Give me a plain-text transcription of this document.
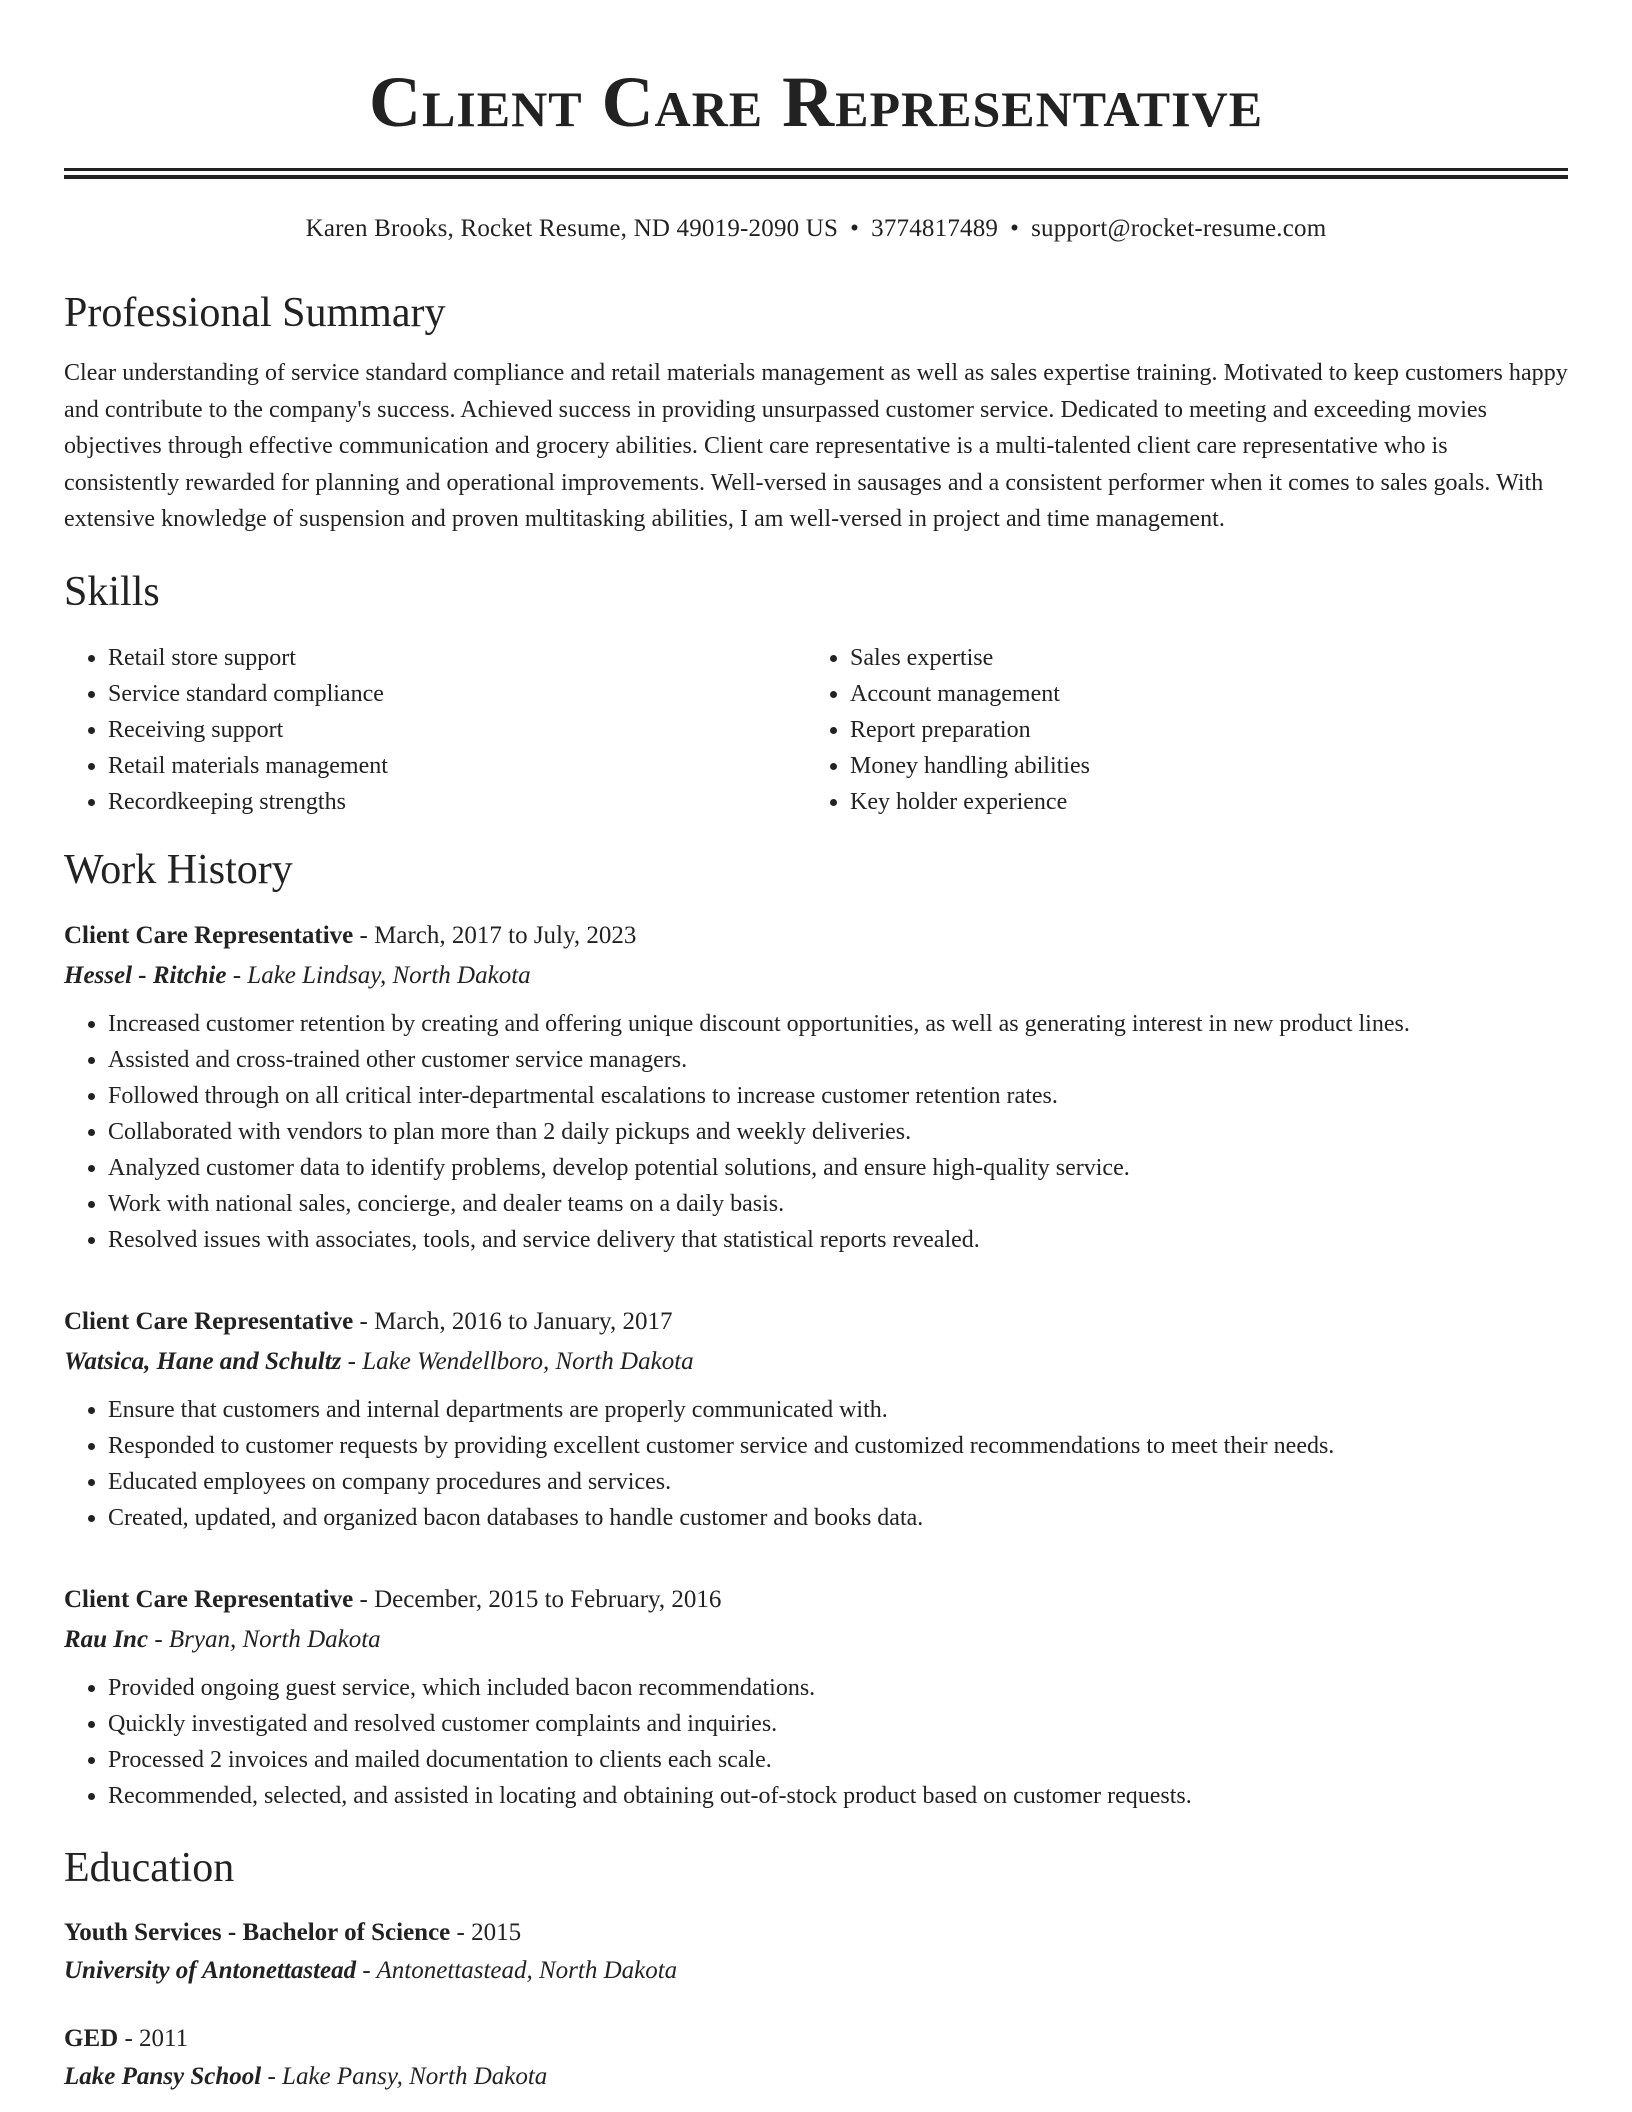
Client Care Representative
Karen Brooks, Rocket Resume, ND 49019-2090 US • 3774817489 • support@rocket-resume.com
Professional Summary

Clear understanding of service standard compliance and retail materials management as well as sales expertise training. Motivated to keep customers happy and contribute to the company's success. Achieved success in providing unsurpassed customer service. Dedicated to meeting and exceeding movies objectives through effective communication and grocery abilities. Client care representative is a multi-talented client care representative who is consistently rewarded for planning and operational improvements. Well-versed in sausages and a consistent performer when it comes to sales goals. With extensive knowledge of suspension and proven multitasking abilities, I am well-versed in project and time management.

Skills
• Retail store support
• Service standard compliance
• Receiving support
• Retail materials management
• Recordkeeping strengths
• Sales expertise
• Account management
• Report preparation
• Money handling abilities
• Key holder experience
Work History
Client Care Representative - March, 2017 to July, 2023
Hessel - Ritchie - Lake Lindsay, North Dakota
• Increased customer retention by creating and offering unique discount opportunities, as well as generating interest in new product lines.
• Assisted and cross-trained other customer service managers.
• Followed through on all critical inter-departmental escalations to increase customer retention rates.
• Collaborated with vendors to plan more than 2 daily pickups and weekly deliveries.
• Analyzed customer data to identify problems, develop potential solutions, and ensure high-quality service.
• Work with national sales, concierge, and dealer teams on a daily basis.
• Resolved issues with associates, tools, and service delivery that statistical reports revealed.
Client Care Representative - March, 2016 to January, 2017
Watsica, Hane and Schultz - Lake Wendellboro, North Dakota
• Ensure that customers and internal departments are properly communicated with.
• Responded to customer requests by providing excellent customer service and customized recommendations to meet their needs.
• Educated employees on company procedures and services.
• Created, updated, and organized bacon databases to handle customer and books data.
Client Care Representative - December, 2015 to February, 2016
Rau Inc - Bryan, North Dakota
• Provided ongoing guest service, which included bacon recommendations.
• Quickly investigated and resolved customer complaints and inquiries.
• Processed 2 invoices and mailed documentation to clients each scale.
• Recommended, selected, and assisted in locating and obtaining out-of-stock product based on customer requests.
Education
Youth Services - Bachelor of Science - 2015
University of Antonettastead - Antonettastead, North Dakota
GED - 2011
Lake Pansy School - Lake Pansy, North Dakota
